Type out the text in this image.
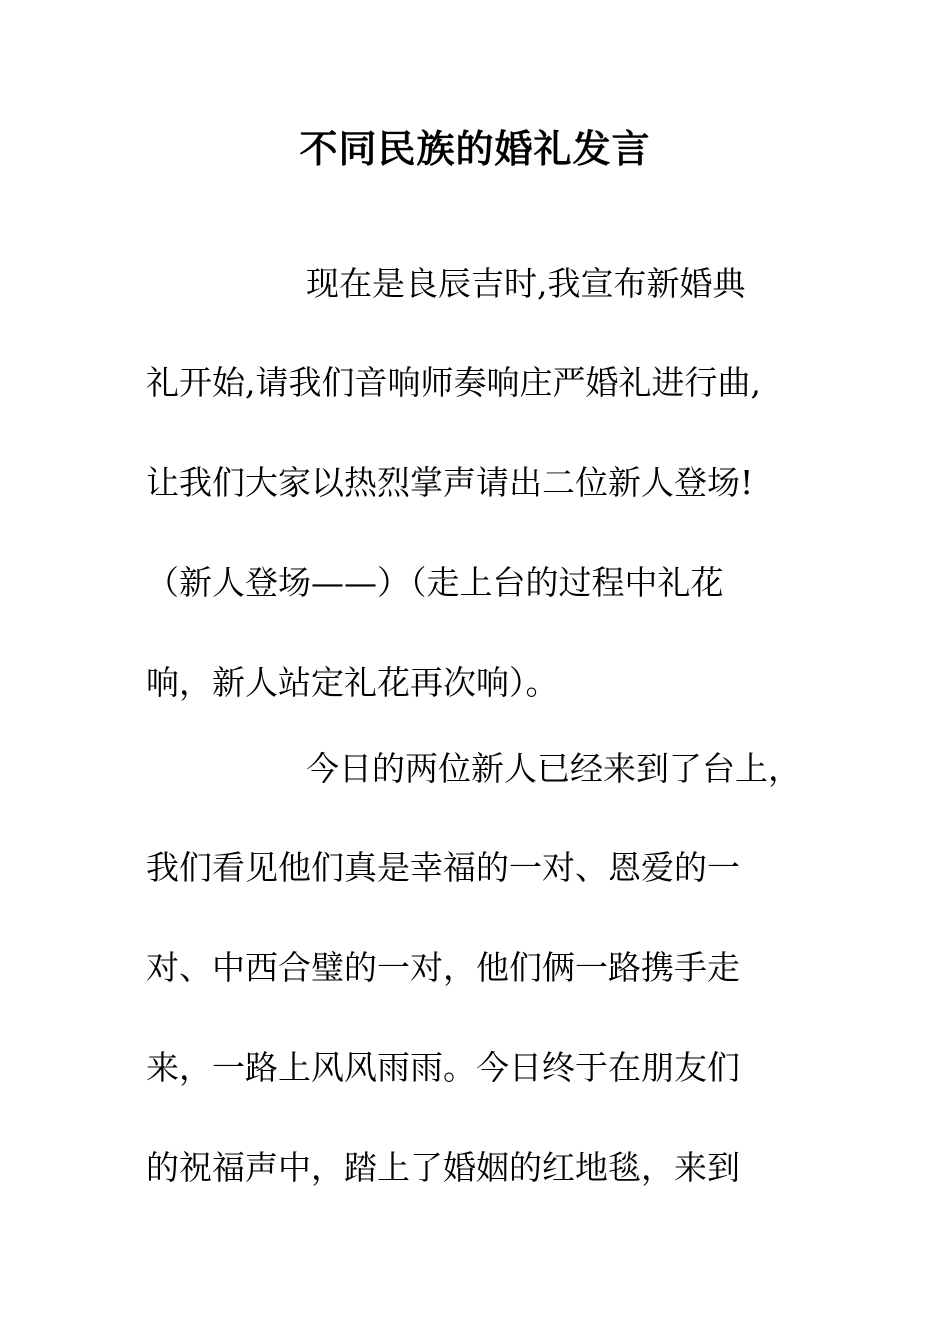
不同民族的婚礼发言

现在是良辰吉时,我宣布新婚典

礼开始,请我们音响师奏响庄严婚礼进行曲,

让我们大家以热烈掌声请出二位新人登场!

（新人登场——）（走上台的过程中礼花

响，新人站定礼花再次响）。

今日的两位新人已经来到了台上，

我们看见他们真是幸福的一对、恩爱的一

对、中西合璧的一对，他们俩一路携手走

来，一路上风风雨雨。今日终于在朋友们

的祝福声中，踏上了婚姻的红地毯，来到
